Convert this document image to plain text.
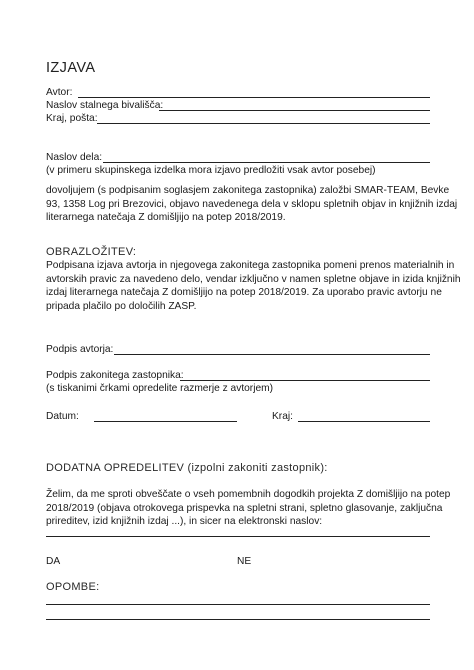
IZJAVA
Avtor:
Naslov stalnega bivališča:
Kraj, pošta:
Naslov dela:
(v primeru skupinskega izdelka mora izjavo predložiti vsak avtor posebej)
dovoljujem (s podpisanim soglasjem zakonitega zastopnika) založbi SMAR-TEAM, Bevke
93, 1358 Log pri Brezovici, objavo navedenega dela v sklopu spletnih objav in knjižnih izdaj
literarnega natečaja Z domišljijo na potep 2018/2019.
OBRAZLOŽITEV:
Podpisana izjava avtorja in njegovega zakonitega zastopnika pomeni prenos materialnih in
avtorskih pravic za navedeno delo, vendar izključno v namen spletne objave in izida knjižnih
izdaj literarnega natečaja Z domišljijo na potep 2018/2019. Za uporabo pravic avtorju ne
pripada plačilo po določilih ZASP.
Podpis avtorja:
Podpis zakonitega zastopnika:
(s tiskanimi črkami opredelite razmerje z avtorjem)
Datum:	Kraj:
DODATNA OPREDELITEV (izpolni zakoniti zastopnik):
Želim, da me sproti obveščate o vseh pomembnih dogodkih projekta Z domišljijo na potep
2018/2019 (objava otrokovega prispevka na spletni strani, spletno glasovanje, zaključna
prireditev, izid knjižnih izdaj ...), in sicer na elektronski naslov:
DA	NE
OPOMBE:
